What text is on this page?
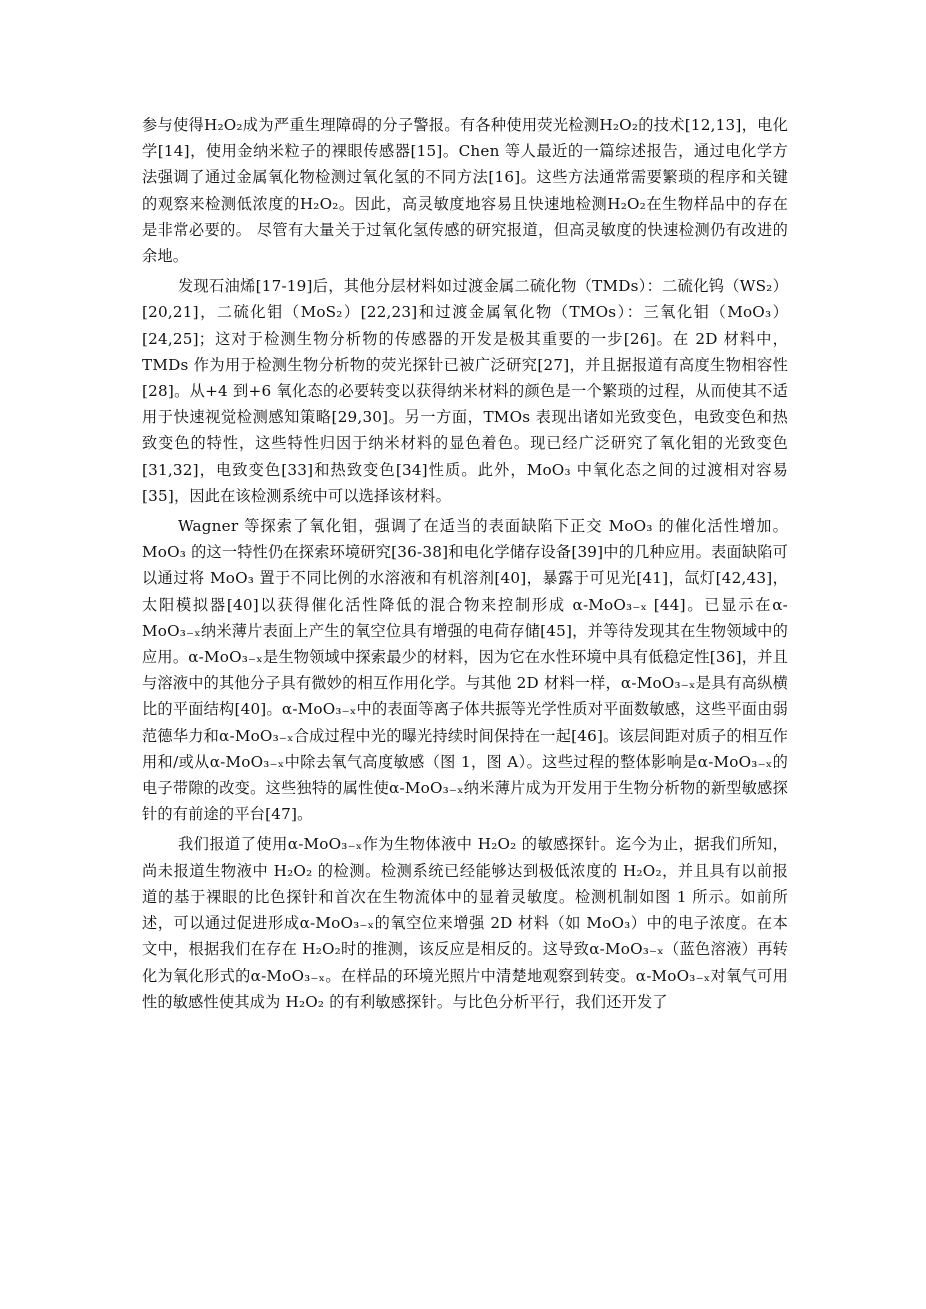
参与使得H₂O₂成为严重生理障碍的分子警报。有各种使用荧光检测H₂O₂的技术[12,13]，电化学[14]，使用金纳米粒子的裸眼传感器[15]。Chen 等人最近的一篇综述报告，通过电化学方法强调了通过金属氧化物检测过氧化氢的不同方法[16]。这些方法通常需要繁琐的程序和关键的观察来检测低浓度的H₂O₂。因此，高灵敏度地容易且快速地检测H₂O₂在生物样品中的存在是非常必要的。 尽管有大量关于过氧化氢传感的研究报道，但高灵敏度的快速检测仍有改进的余地。

发现石油烯[17-19]后，其他分层材料如过渡金属二硫化物（TMDs）：二硫化钨（WS₂）[20,21]，二硫化钼（MoS₂）[22,23]和过渡金属氧化物（TMOs）：三氧化钼（MoO₃）[24,25]；这对于检测生物分析物的传感器的开发是极其重要的一步[26]。在 2D 材料中，TMDs 作为用于检测生物分析物的荧光探针已被广泛研究[27]，并且据报道有高度生物相容性[28]。从+4 到+6 氧化态的必要转变以获得纳米材料的颜色是一个繁琐的过程，从而使其不适用于快速视觉检测感知策略[29,30]。另一方面，TMOs 表现出诸如光致变色，电致变色和热致变色的特性，这些特性归因于纳米材料的显色着色。现已经广泛研究了氧化钼的光致变色[31,32]，电致变色[33]和热致变色[34]性质。此外，MoO₃ 中氧化态之间的过渡相对容易[35]，因此在该检测系统中可以选择该材料。

Wagner 等探索了氧化钼，强调了在适当的表面缺陷下正交 MoO₃ 的催化活性增加。 MoO₃ 的这一特性仍在探索环境研究[36-38]和电化学储存设备[39]中的几种应用。表面缺陷可以通过将 MoO₃ 置于不同比例的水溶液和有机溶剂[40]，暴露于可见光[41]，氙灯[42,43]，太阳模拟器[40]以获得催化活性降低的混合物来控制形成 α-MoO₃₋ₓ [44]。已显示在α-MoO₃₋ₓ纳米薄片表面上产生的氧空位具有增强的电荷存储[45]，并等待发现其在生物领域中的应用。α-MoO₃₋ₓ是生物领域中探索最少的材料，因为它在水性环境中具有低稳定性[36]，并且与溶液中的其他分子具有微妙的相互作用化学。与其他 2D 材料一样，α-MoO₃₋ₓ是具有高纵横比的平面结构[40]。α-MoO₃₋ₓ中的表面等离子体共振等光学性质对平面数敏感，这些平面由弱范德华力和α-MoO₃₋ₓ合成过程中光的曝光持续时间保持在一起[46]。该层间距对质子的相互作用和/或从α-MoO₃₋ₓ中除去氧气高度敏感（图 1，图 A）。这些过程的整体影响是α-MoO₃₋ₓ的电子带隙的改变。这些独特的属性使α-MoO₃₋ₓ纳米薄片成为开发用于生物分析物的新型敏感探针的有前途的平台[47]。

我们报道了使用α-MoO₃₋ₓ作为生物体液中 H₂O₂ 的敏感探针。迄今为止，据我们所知，尚未报道生物液中 H₂O₂ 的检测。检测系统已经能够达到极低浓度的 H₂O₂，并且具有以前报道的基于裸眼的比色探针和首次在生物流体中的显着灵敏度。检测机制如图 1 所示。如前所述，可以通过促进形成α-MoO₃₋ₓ的氧空位来增强 2D 材料（如 MoO₃）中的电子浓度。在本文中，根据我们在存在 H₂O₂时的推测，该反应是相反的。这导致α-MoO₃₋ₓ（蓝色溶液）再转化为氧化形式的α-MoO₃₋ₓ。在样品的环境光照片中清楚地观察到转变。α-MoO₃₋ₓ对氧气可用性的敏感性使其成为 H₂O₂ 的有利敏感探针。与比色分析平行，我们还开发了
